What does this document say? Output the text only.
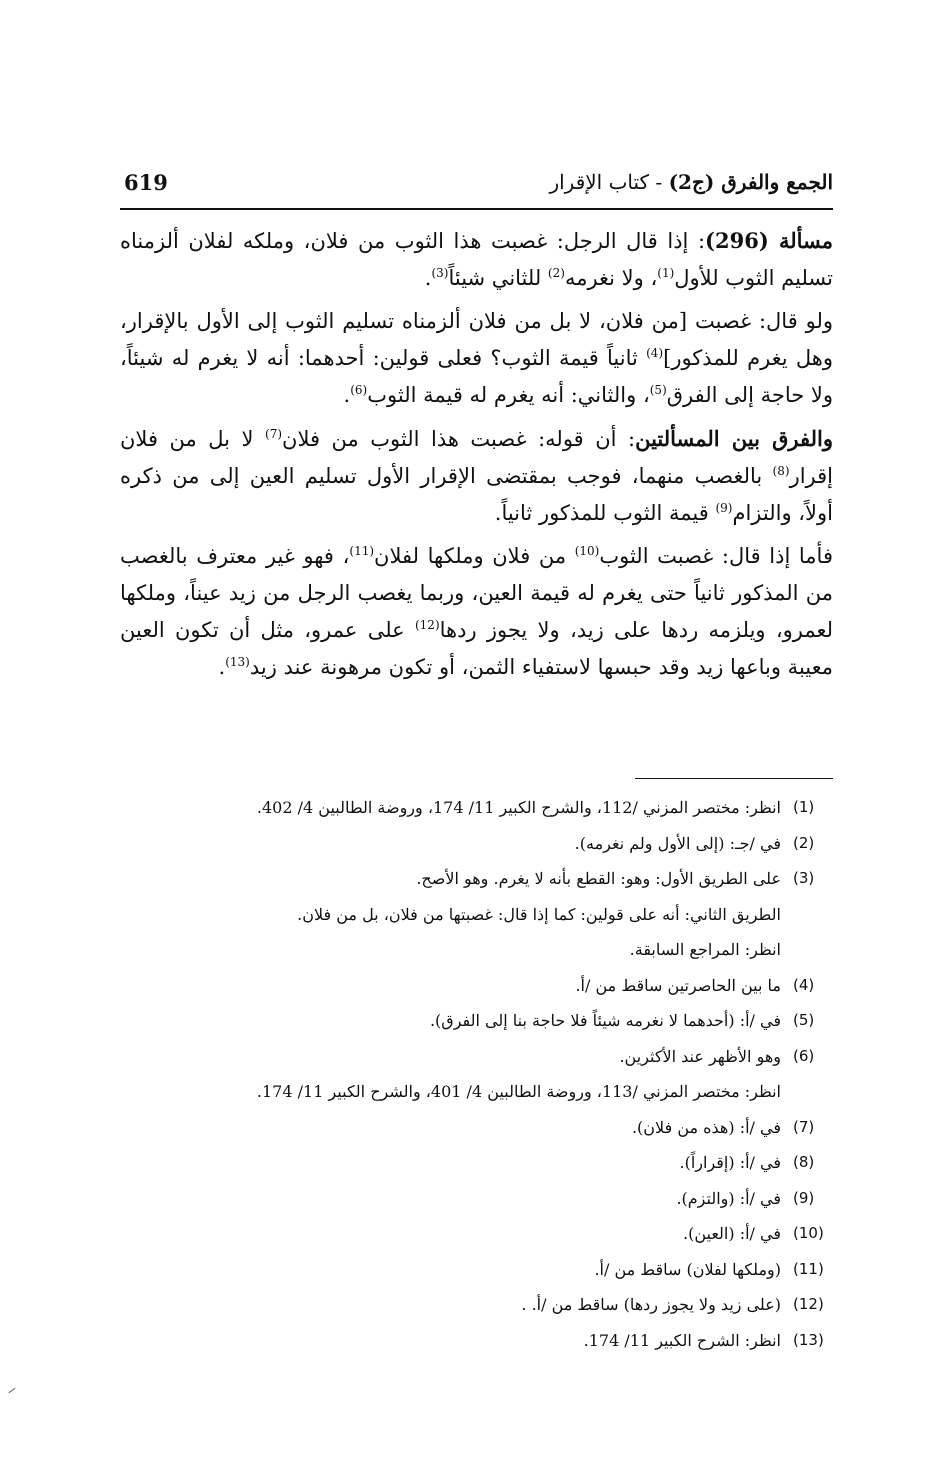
619	الجمع والفرق (ج2) - كتاب الإقرار

مسألة (296): إذا قال الرجل: غصبت هذا الثوب من فلان، وملكه لفلان ألزمناه تسليم الثوب للأول$^{(1)}$، ولا نغرمه$^{(2)}$ للثاني شيئاً$^{(3)}$.

ولو قال: غصبت [من فلان، لا بل من فلان ألزمناه تسليم الثوب إلى الأول بالإقرار، وهل يغرم للمذكور]$^{(4)}$ ثانياً قيمة الثوب؟ فعلى قولين: أحدهما: أنه لا يغرم له شيئاً، ولا حاجة إلى الفرق$^{(5)}$، والثاني: أنه يغرم له قيمة الثوب$^{(6)}$.

والفرق بين المسألتين: أن قوله: غصبت هذا الثوب من فلان$^{(7)}$ لا بل من فلان إقرار$^{(8)}$ بالغصب منهما، فوجب بمقتضى الإقرار الأول تسليم العين إلى من ذكره أولاً، والتزام$^{(9)}$ قيمة الثوب للمذكور ثانياً.

فأما إذا قال: غصبت الثوب$^{(10)}$ من فلان وملكها لفلان$^{(11)}$، فهو غير معترف بالغصب من المذكور ثانياً حتى يغرم له قيمة العين، وربما يغصب الرجل من زيد عيناً، وملكها لعمرو، ويلزمه ردها على زيد، ولا يجوز ردها$^{(12)}$ على عمرو، مثل أن تكون العين معيبة وباعها زيد وقد حبسها لاستفياء الثمن، أو تكون مرهونة عند زيد$^{(13)}$.

(1)
انظر: مختصر المزني /112، والشرح الكبير 11/ 174، وروضة الطالبين 4/ 402.
(2)
في /جـ: (إلى الأول ولم نغرمه).
(3)
على الطريق الأول: وهو: القطع بأنه لا يغرم. وهو الأصح.
الطريق الثاني: أنه على قولين: كما إذا قال: غصبتها من فلان، بل من فلان.
انظر: المراجع السابقة.
(4)
ما بين الحاصرتين ساقط من /أ.
(5)
في /أ: (أحدهما لا نغرمه شيئاً فلا حاجة بنا إلى الفرق).
(6)
وهو الأظهر عند الأكثرين.
انظر: مختصر المزني /113، وروضة الطالبين 4/ 401، والشرح الكبير 11/ 174.
(7)
في /أ: (هذه من فلان).
(8)
في /أ: (إقراراً).
(9)
في /أ: (والتزم).
(10)
في /أ: (العين).
(11)
(وملكها لفلان) ساقط من /أ.
(12)
(على زيد ولا يجوز ردها) ساقط من /أ. .
(13)
انظر: الشرح الكبير 11/ 174.
